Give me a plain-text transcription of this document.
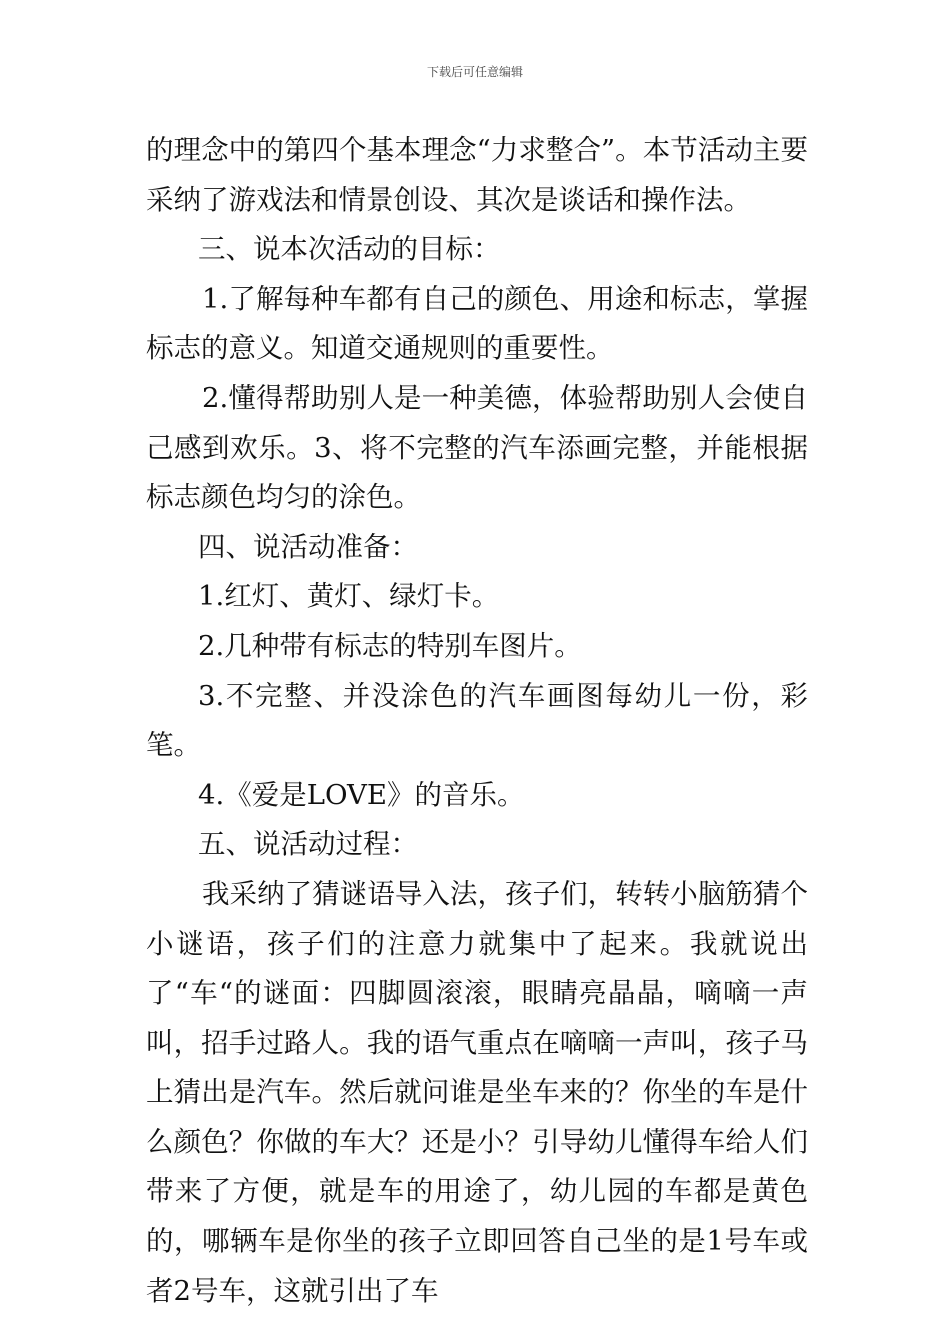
下载后可任意编辑

的理念中的第四个基本理念“力求整合”。本节活动主要采纳了游戏法和情景创设、其次是谈话和操作法。

三、说本次活动的目标：

1.了解每种车都有自己的颜色、用途和标志，掌握标志的意义。知道交通规则的重要性。

2.懂得帮助别人是一种美德，体验帮助别人会使自己感到欢乐。3、将不完整的汽车添画完整，并能根据标志颜色均匀的涂色。

四、说活动准备：

1.红灯、黄灯、绿灯卡。

2.几种带有标志的特别车图片。

3.不完整、并没涂色的汽车画图每幼儿一份，彩笔。

4.《爱是LOVE》的音乐。

五、说活动过程：

我采纳了猜谜语导入法，孩子们，转转小脑筋猜个小谜语，孩子们的注意力就集中了起来。我就说出了“车“的谜面：四脚圆滚滚，眼睛亮晶晶，嘀嘀一声叫，招手过路人。我的语气重点在嘀嘀一声叫，孩子马上猜出是汽车。然后就问谁是坐车来的？你坐的车是什么颜色？你做的车大？还是小？引导幼儿懂得车给人们带来了方便，就是车的用途了，幼儿园的车都是黄色的，哪辆车是你坐的孩子立即回答自己坐的是1号车或者2号车，这就引出了车
